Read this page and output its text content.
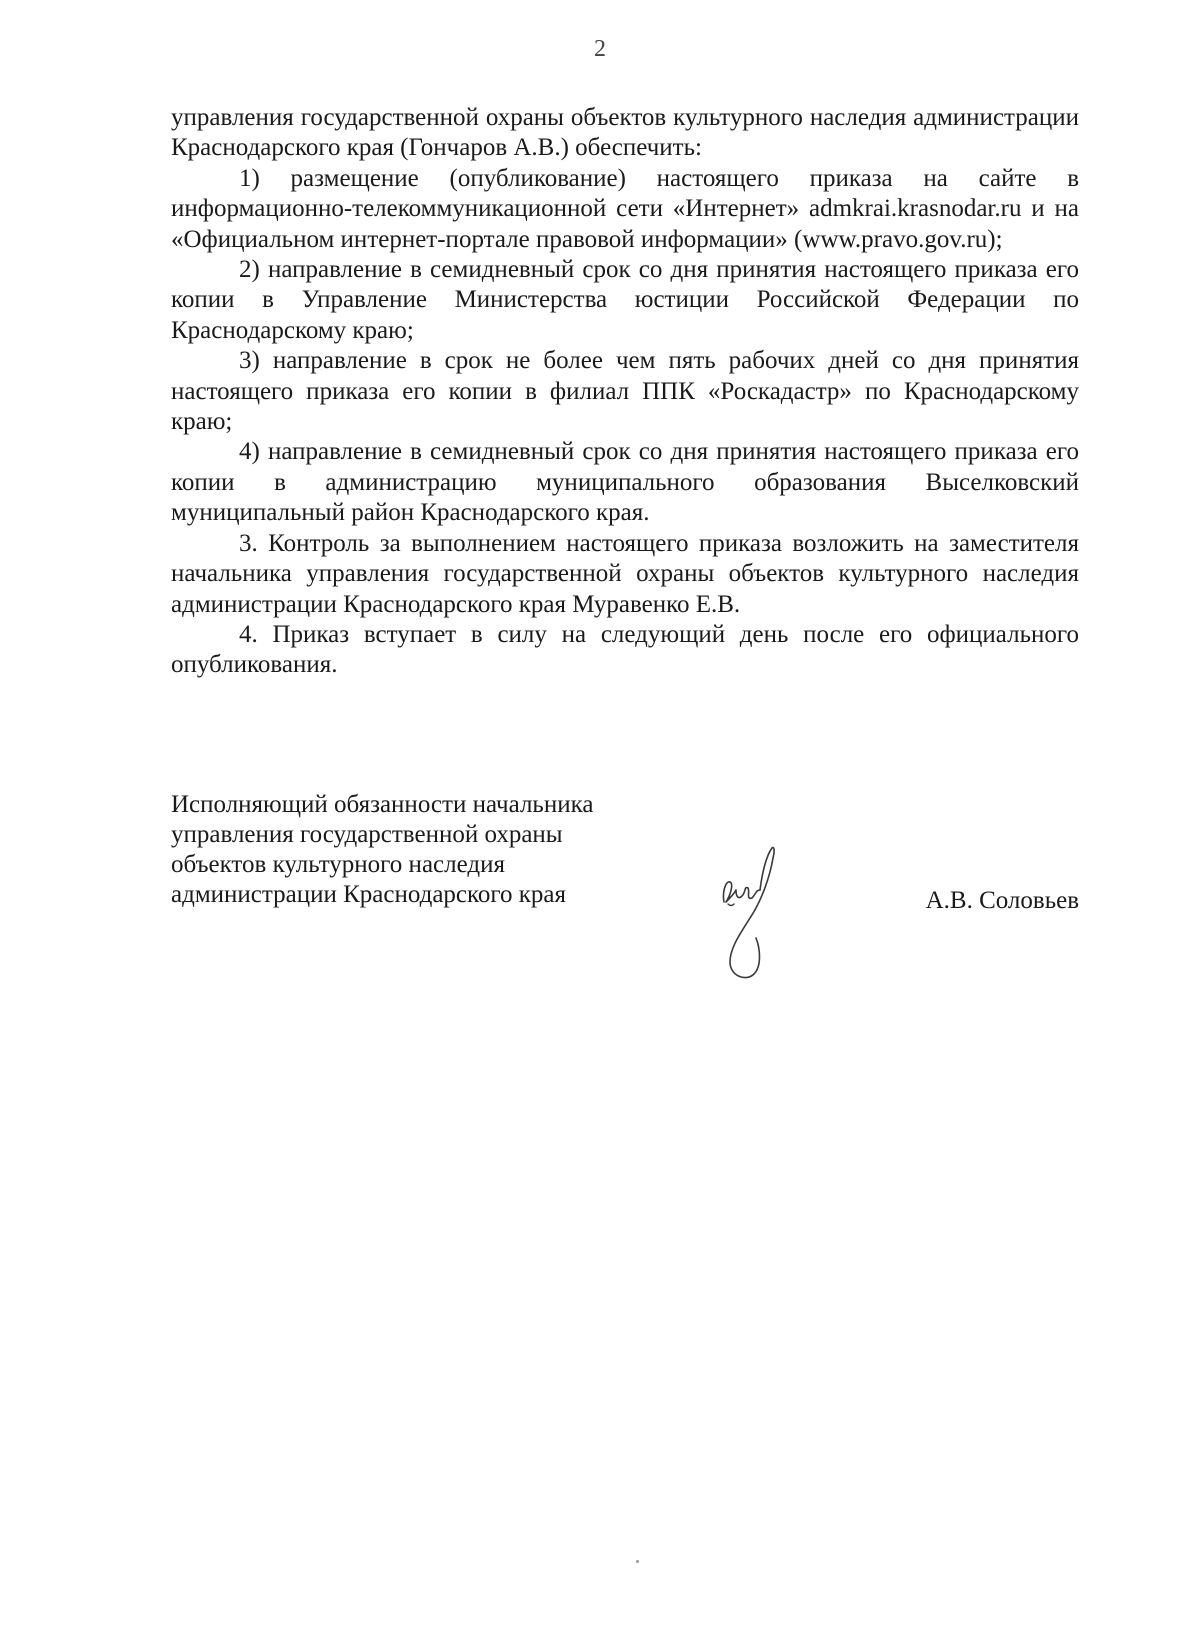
2

управления государственной охраны объектов культурного наследия администрации Краснодарского края (Гончаров А.В.) обеспечить:

1) размещение (опубликование) настоящего приказа на сайте в информационно-телекоммуникационной сети «Интернет» admkrai.krasnodar.ru и на «Официальном интернет-портале правовой информации» (www.pravo.gov.ru);

2) направление в семидневный срок со дня принятия настоящего приказа его копии в Управление Министерства юстиции Российской Федерации по Краснодарскому краю;

3) направление в срок не более чем пять рабочих дней со дня принятия настоящего приказа его копии в филиал ППК «Роскадастр» по Краснодарскому краю;

4) направление в семидневный срок со дня принятия настоящего приказа его копии в администрацию муниципального образования Выселковский муниципальный район Краснодарского края.

3. Контроль за выполнением настоящего приказа возложить на заместителя начальника управления государственной охраны объектов культурного наследия администрации Краснодарского края Муравенко Е.В.

4. Приказ вступает в силу на следующий день после его официального опубликования.

Исполняющий обязанности начальника
управления государственной охраны
объектов культурного наследия
администрации Краснодарского края	А.В. Соловьев
